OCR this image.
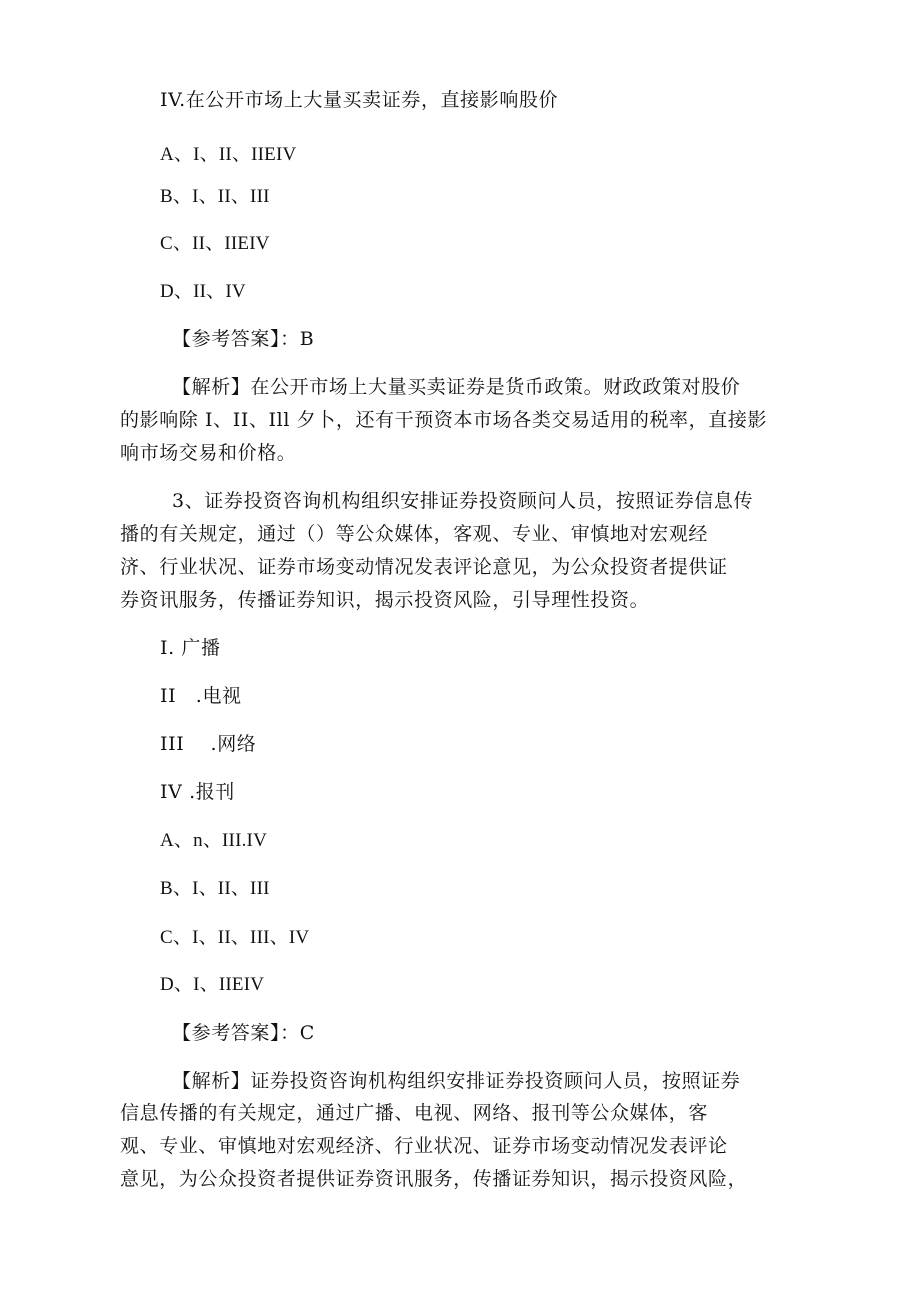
IV.在公开市场上大量买卖证券，直接影响股价
A、I、II、IIEIV
B、I、II、III
C、II、IIEIV
D、II、IV
【参考答案】：B
【解析】在公开市场上大量买卖证券是货币政策。财政政策对股价
的影响除 I、II、Ill 夕卜，还有干预资本市场各类交易适用的税率，直接影
响市场交易和价格。
3、证券投资咨询机构组织安排证券投资顾问人员，按照证券信息传
播的有关规定，通过（）等公众媒体，客观、专业、审慎地对宏观经
济、行业状况、证券市场变动情况发表评论意见，为公众投资者提供证
券资讯服务，传播证券知识，揭示投资风险，引导理性投资。
I. 广播
II　.电视
III　 .网络
IV .报刊
A、n、III.IV
B、I、II、III
C、I、II、III、IV
D、I、IIEIV
【参考答案】：C
【解析】证券投资咨询机构组织安排证券投资顾问人员，按照证券
信息传播的有关规定，通过广播、电视、网络、报刊等公众媒体，客
观、专业、审慎地对宏观经济、行业状况、证券市场变动情况发表评论
意见，为公众投资者提供证券资讯服务，传播证券知识，揭示投资风险，
